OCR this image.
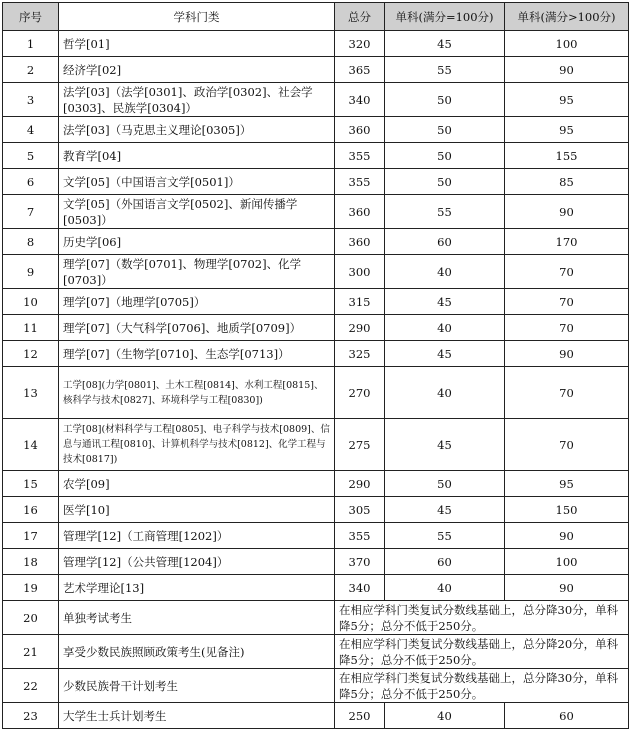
序号	学科门类	总分	单科(满分=100分)	单科(满分>100分)
1	哲学[01]	320	45	100
2	经济学[02]	365	55	90
3	法学[03]（法学[0301]、政治学[0302]、社会学[0303]、民族学[0304]）	340	50	95
4	法学[03]（马克思主义理论[0305]）	360	50	95
5	教育学[04]	355	50	155
6	文学[05]（中国语言文学[0501]）	355	50	85
7	文学[05]（外国语言文学[0502]、新闻传播学[0503]）	360	55	90
8	历史学[06]	360	60	170
9	理学[07]（数学[0701]、物理学[0702]、化学[0703]）	300	40	70
10	理学[07]（地理学[0705]）	315	45	70
11	理学[07]（大气科学[0706]、地质学[0709]）	290	40	70
12	理学[07]（生物学[0710]、生态学[0713]）	325	45	90
13	工学[08](力学[0801]、土木工程[0814]、水利工程[0815]、核科学与技术[0827]、环境科学与工程[0830])	270	40	70
14	工学[08](材料科学与工程[0805]、电子科学与技术[0809]、信息与通讯工程[0810]、计算机科学与技术[0812]、化学工程与技术[0817])	275	45	70
15	农学[09]	290	50	95
16	医学[10]	305	45	150
17	管理学[12]（工商管理[1202]）	355	55	90
18	管理学[12]（公共管理[1204]）	370	60	100
19	艺术学理论[13]	340	40	90
20	单独考试考生	在相应学科门类复试分数线基础上，总分降30分，单科降5分；总分不低于250分。		
21	享受少数民族照顾政策考生(见备注)	在相应学科门类复试分数线基础上，总分降20分，单科降5分；总分不低于250分。		
22	少数民族骨干计划考生	在相应学科门类复试分数线基础上，总分降30分，单科降5分；总分不低于250分。		
23	大学生士兵计划考生	250	40	60
